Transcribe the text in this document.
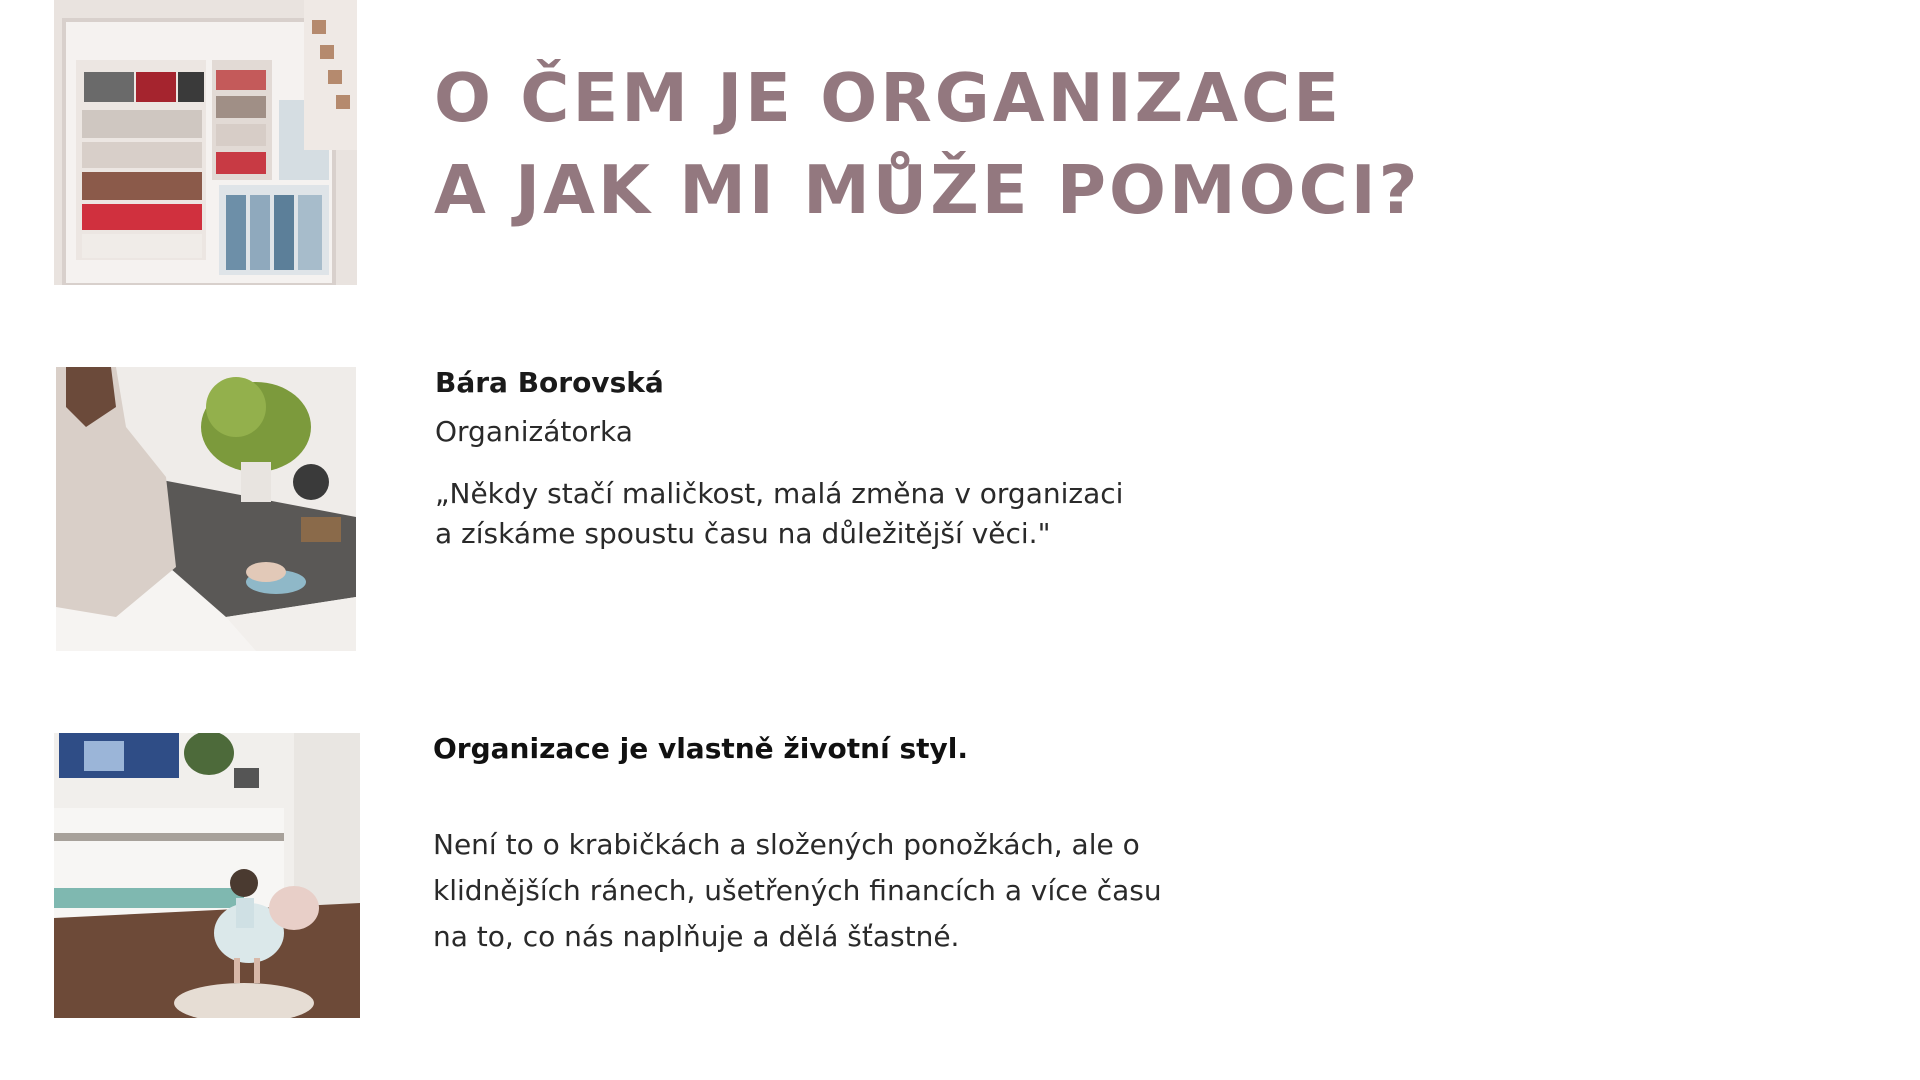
O ČEM JE ORGANIZACE
A JAK MI MŮŽE POMOCI?
Bára Borovská
Organizátorka
„Někdy stačí maličkost, malá změna v organizaci
a získáme spoustu času na důležitější věci."
Organizace je vlastně životní styl.
Není to o krabičkách a složených ponožkách, ale o
klidnějších ránech, ušetřených financích a více času
na to, co nás naplňuje a dělá šťastné.
